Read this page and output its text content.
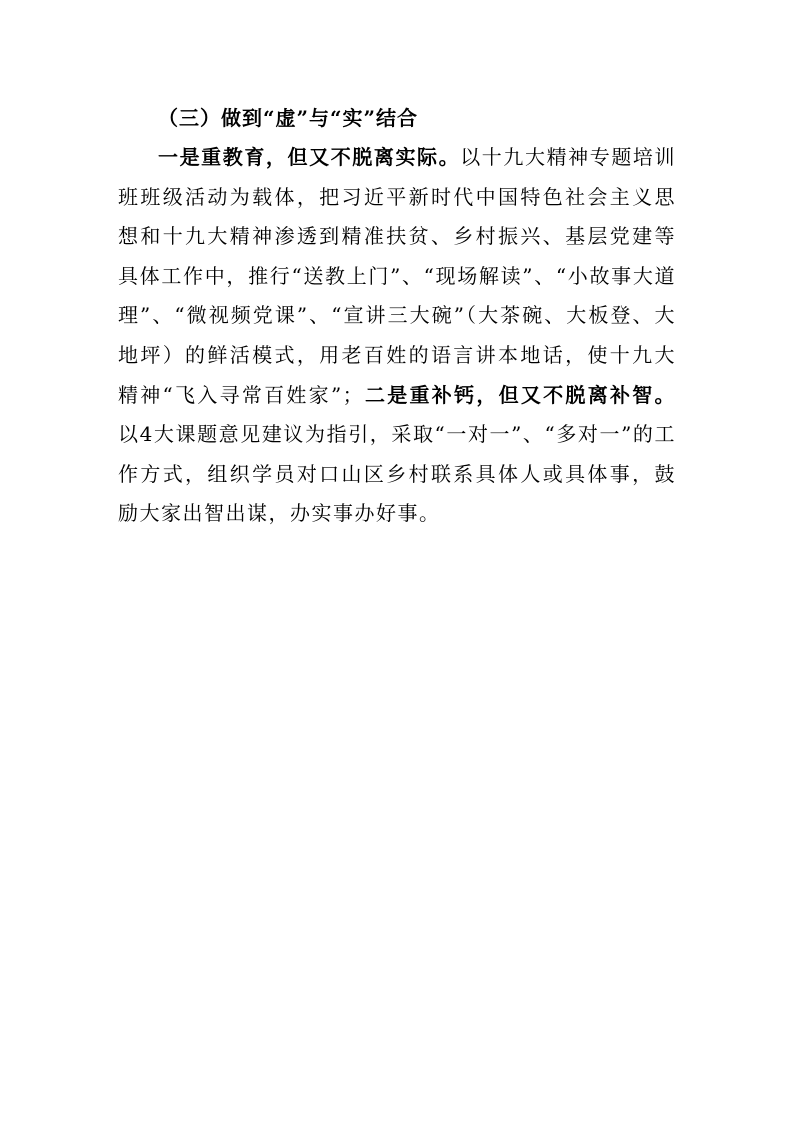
（三）做到“虚”与“实”结合

一是重教育，但又不脱离实际。以十九大精神专题培训班班级活动为载体，把习近平新时代中国特色社会主义思想和十九大精神渗透到精准扶贫、乡村振兴、基层党建等具体工作中，推行“送教上门”、“现场解读”、“小故事大道理”、“微视频党课”、“宣讲三大碗”（大茶碗、大板登、大地坪）的鲜活模式，用老百姓的语言讲本地话，使十九大精神“飞入寻常百姓家”；二是重补钙，但又不脱离补智。以4大课题意见建议为指引，采取“一对一”、“多对一”的工作方式，组织学员对口山区乡村联系具体人或具体事，鼓励大家出智出谋，办实事办好事。
